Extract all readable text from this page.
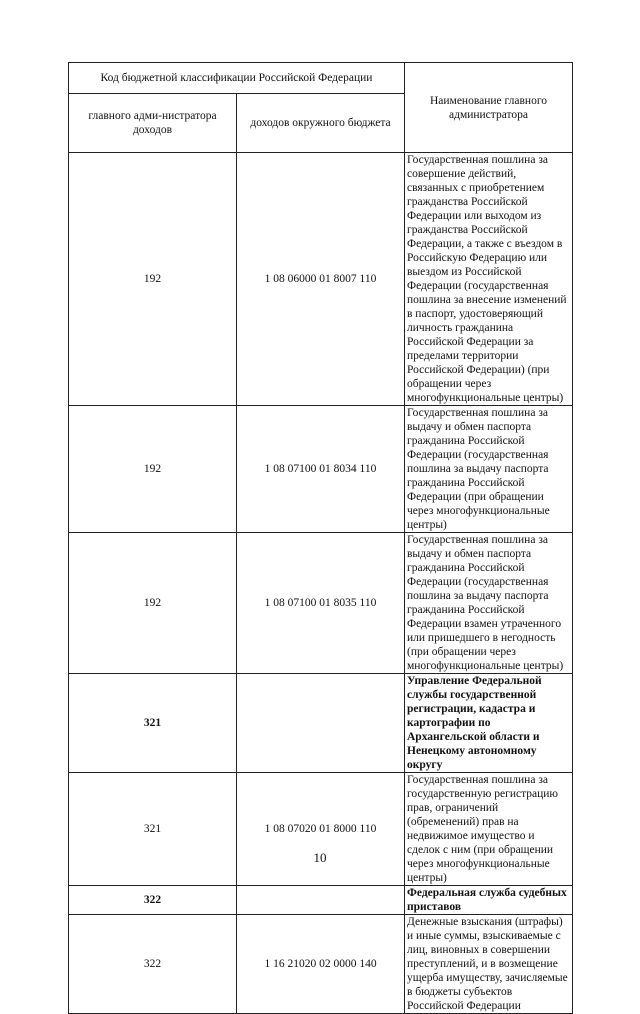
Код бюджетной классификации Российской Федерации		Наименование главного администратора
главного адми-нистратора доходов	доходов окружного бюджета	
192	1 08 06000 01 8007 110	Государственная пошлина за совершение действий, связанных с приобретением гражданства Российской Федерации или выходом из гражданства Российской Федерации, а также с въездом в Российскую Федерацию или выездом из Российской Федерации (государственная пошлина за внесение изменений в паспорт, удостоверяющий личность гражданина Российской Федерации за пределами территории Российской Федерации) (при обращении через многофункциональные центры)
192	1 08 07100 01 8034 110	Государственная пошлина за выдачу и обмен паспорта гражданина Российской Федерации (государственная пошлина за выдачу паспорта гражданина Российской Федерации (при обращении через многофункциональные центры)
192	1 08 07100 01 8035 110	Государственная пошлина за выдачу и обмен паспорта гражданина Российской Федерации (государственная пошлина за выдачу паспорта гражданина Российской Федерации взамен утраченного или пришедшего в негодность (при обращении через многофункциональные центры)
321		Управление Федеральной службы государственной регистрации, кадастра и картографии по Архангельской области и Ненецкому автономному округу
321	1 08 07020 01 8000 110	Государственная пошлина за государственную регистрацию прав, ограничений (обременений) прав на недвижимое имущество и сделок с ним (при обращении через многофункциональные центры)
322		Федеральная служба судебных приставов
322	1 16 21020 02 0000 140	Денежные взыскания (штрафы) и иные суммы, взыскиваемые с лиц, виновных в совершении преступлений, и в возмещение ущерба имуществу, зачисляемые в бюджеты субъектов Российской Федерации
10
